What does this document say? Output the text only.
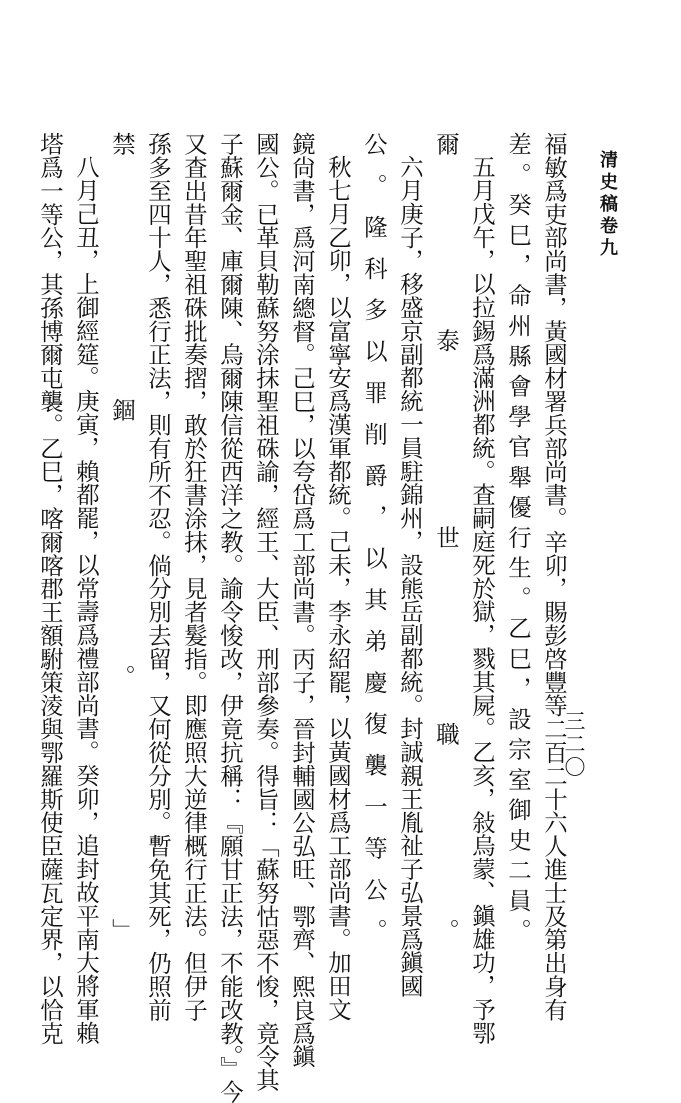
清史稿卷九
三二〇
福敏爲吏部尚書，黃國材署兵部尚書。辛卯，賜彭啓豐等二百二十六人進士及第出身有
差。癸巳，命州縣會學官舉優行生。乙巳，設宗室御史二員。
五月戊午，以拉錫爲滿洲都統。査嗣庭死於獄，戮其屍。乙亥，敍烏蒙、鎭雄功，予鄂
爾泰世職。
六月庚子，移盛京副都統一員駐錦州，設熊岳副都統。封誠親王胤祉子弘景爲鎭國
公。隆科多以罪削爵，以其弟慶復襲一等公。
秋七月乙卯，以富寧安爲漢軍都統。己未，李永紹罷，以黃國材爲工部尚書。加田文
鏡尙書，爲河南總督。己巳，以夸岱爲工部尚書。丙子，晉封輔國公弘旺、鄂齊、熙良爲鎭
國公。已革貝勒蘇努涂抹聖祖硃諭，經王、大臣、刑部參奏。得旨：「蘇努怙惡不悛，竟令其
子蘇爾金、庫爾陳、烏爾陳信從西洋之教。諭令悛改，伊竟抗稱：『願甘正法，不能改教。』今
又査出昔年聖祖硃批奏摺，敢於狂書涂抹，見者髮指。即應照大逆律概行正法。但伊子
孫多至四十人，悉行正法，則有所不忍。倘分別去留，又何從分別。暫免其死，仍照前
禁錮。」
八月己丑，上御經筵。庚寅，賴都罷，以常壽爲禮部尚書。癸卯，追封故平南大將軍賴
塔爲一等公，其孫博爾屯襲。乙巳，喀爾喀郡王額駙策淩與鄂羅斯使臣薩瓦定界，以恰克
